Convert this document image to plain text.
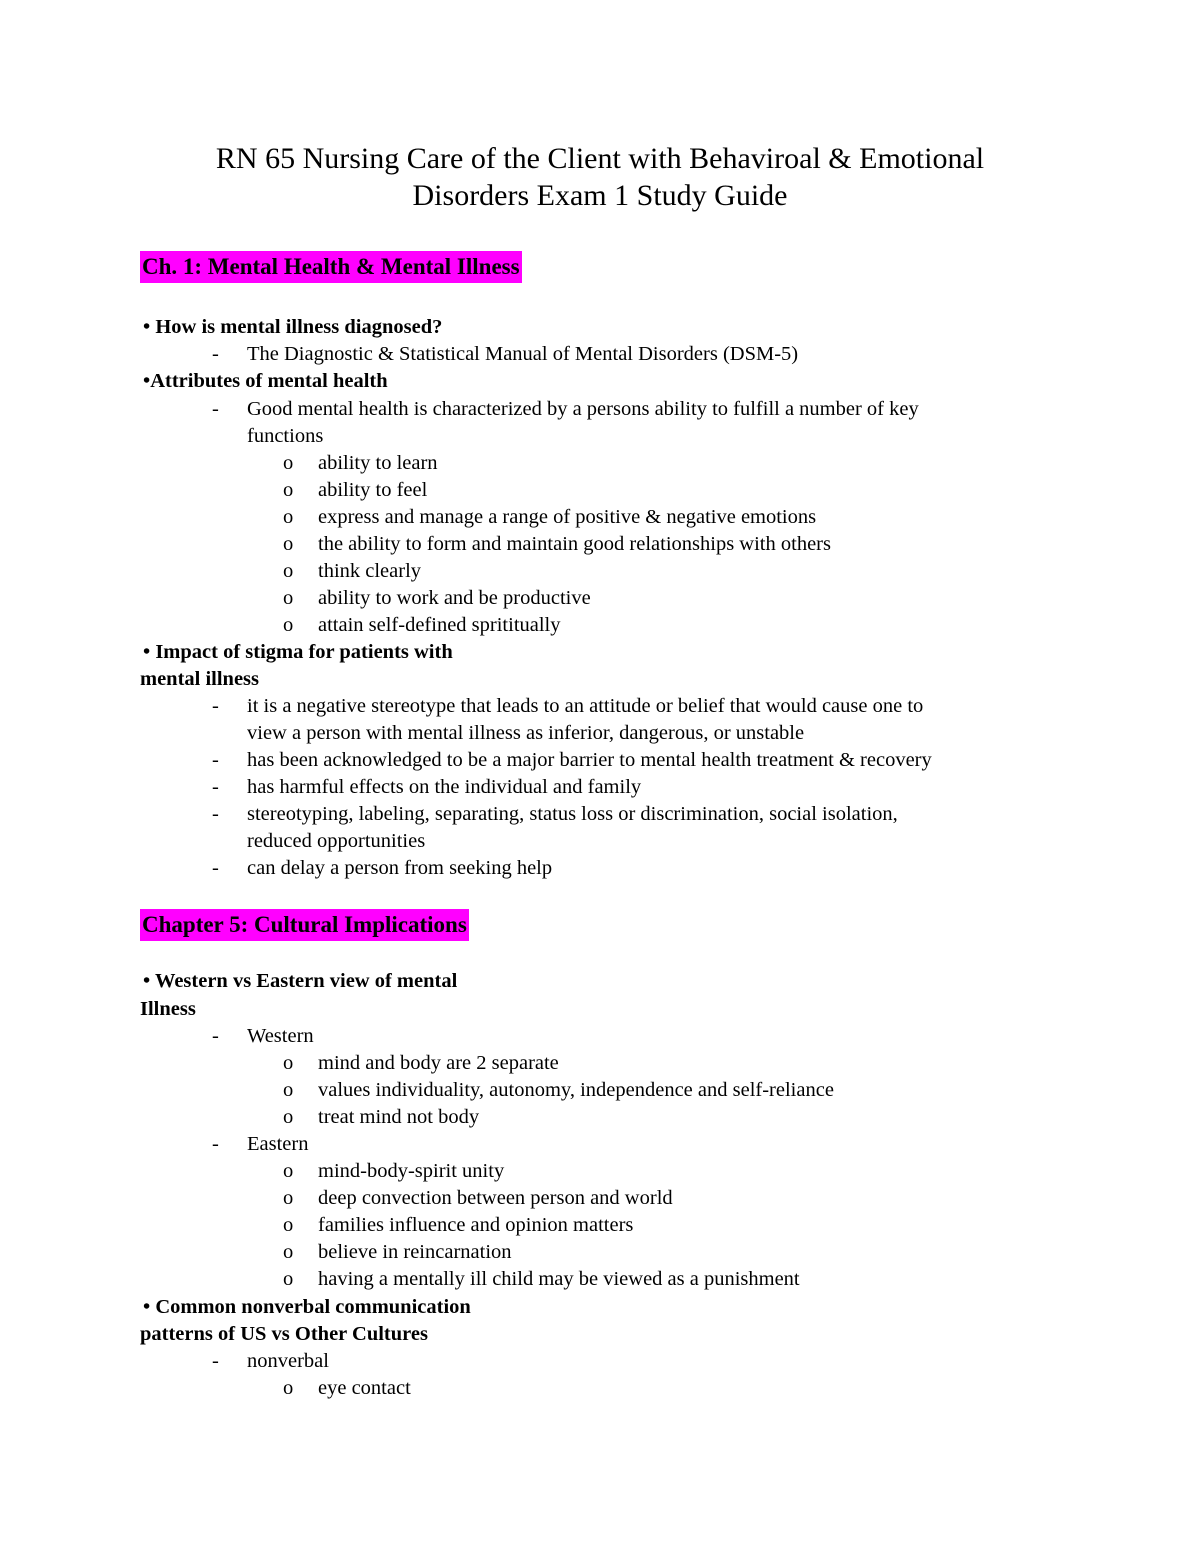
RN 65 Nursing Care of the Client with Behaviroal & Emotional
Disorders Exam 1 Study Guide
Ch. 1: Mental Health & Mental Illness
• How is mental illness diagnosed?
- The Diagnostic & Statistical Manual of Mental Disorders (DSM-5)
•Attributes of mental health
- Good mental health is characterized by a persons ability to fulfill a number of key
functions
o ability to learn
o ability to feel
o express and manage a range of positive & negative emotions
o the ability to form and maintain good relationships with others
o think clearly
o ability to work and be productive
o attain self-defined sprititually
• Impact of stigma for patients with
mental illness
- it is a negative stereotype that leads to an attitude or belief that would cause one to
view a person with mental illness as inferior, dangerous, or unstable
- has been acknowledged to be a major barrier to mental health treatment & recovery
- has harmful effects on the individual and family
- stereotyping, labeling, separating, status loss or discrimination, social isolation,
reduced opportunities
- can delay a person from seeking help
Chapter 5: Cultural Implications
• Western vs Eastern view of mental
Illness
- Western
o mind and body are 2 separate
o values individuality, autonomy, independence and self-reliance
o treat mind not body
- Eastern
o mind-body-spirit unity
o deep convection between person and world
o families influence and opinion matters
o believe in reincarnation
o having a mentally ill child may be viewed as a punishment
• Common nonverbal communication
patterns of US vs Other Cultures
- nonverbal
o eye contact
